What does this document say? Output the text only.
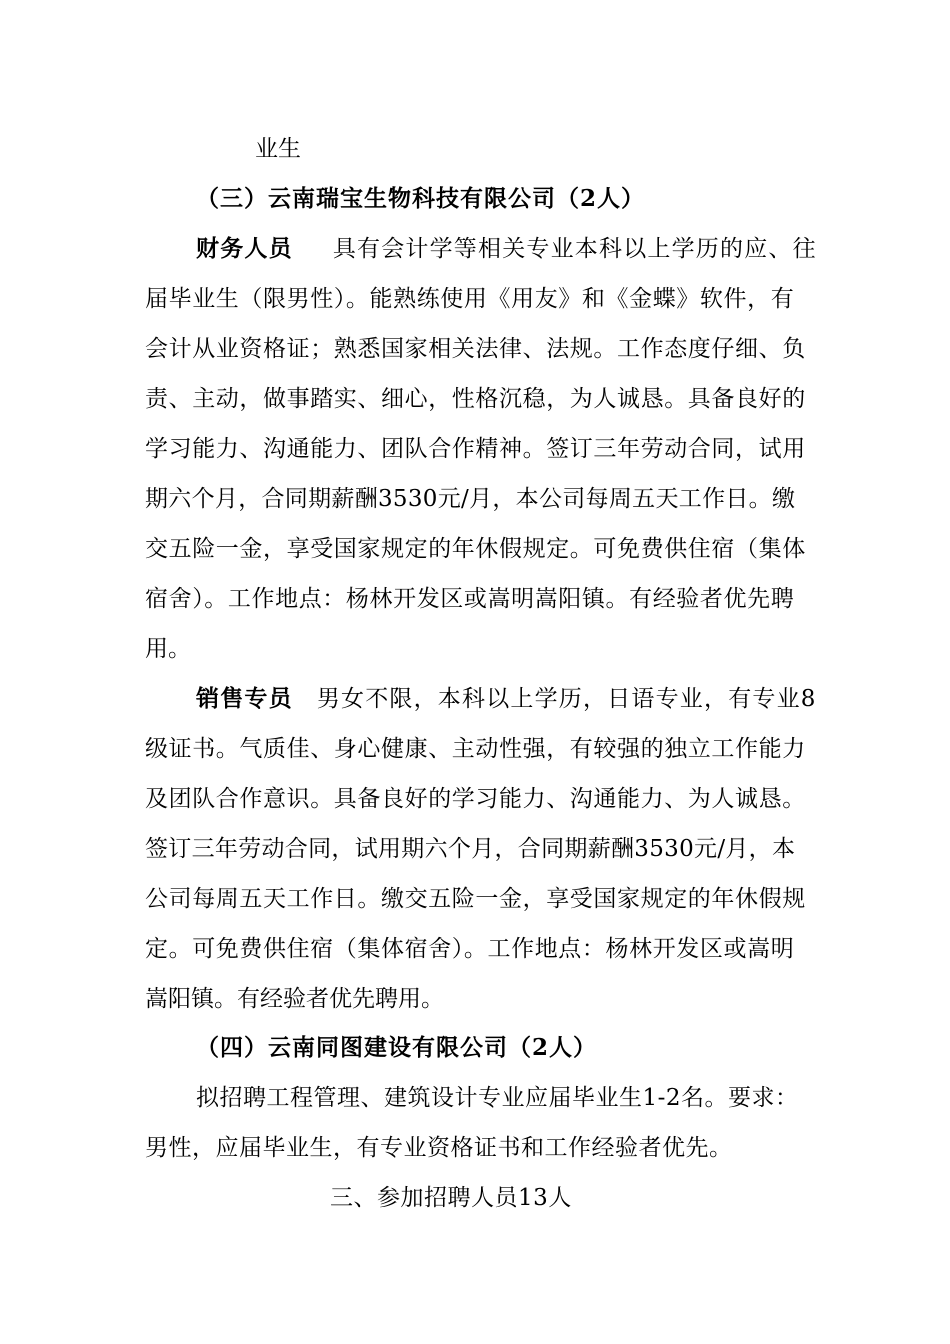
业生
（三）云南瑞宝生物科技有限公司（2人）
财务人员 具有会计学等相关专业本科以上学历的应、往
届毕业生（限男性）。能熟练使用《用友》和《金蝶》软件，有
会计从业资格证；熟悉国家相关法律、法规。工作态度仔细、负
责、主动，做事踏实、细心，性格沉稳，为人诚恳。具备良好的
学习能力、沟通能力、团队合作精神。签订三年劳动合同，试用
期六个月，合同期薪酬3530元/月，本公司每周五天工作日。缴
交五险一金，享受国家规定的年休假规定。可免费供住宿（集体
宿舍）。工作地点：杨林开发区或嵩明嵩阳镇。有经验者优先聘
用。
销售专员 男女不限，本科以上学历，日语专业，有专业8
级证书。气质佳、身心健康、主动性强，有较强的独立工作能力
及团队合作意识。具备良好的学习能力、沟通能力、为人诚恳。
签订三年劳动合同，试用期六个月，合同期薪酬3530元/月，本
公司每周五天工作日。缴交五险一金，享受国家规定的年休假规
定。可免费供住宿（集体宿舍）。工作地点：杨林开发区或嵩明
嵩阳镇。有经验者优先聘用。
（四）云南同图建设有限公司（2人）
拟招聘工程管理、建筑设计专业应届毕业生1-2名。要求：
男性，应届毕业生，有专业资格证书和工作经验者优先。
三、参加招聘人员13人
